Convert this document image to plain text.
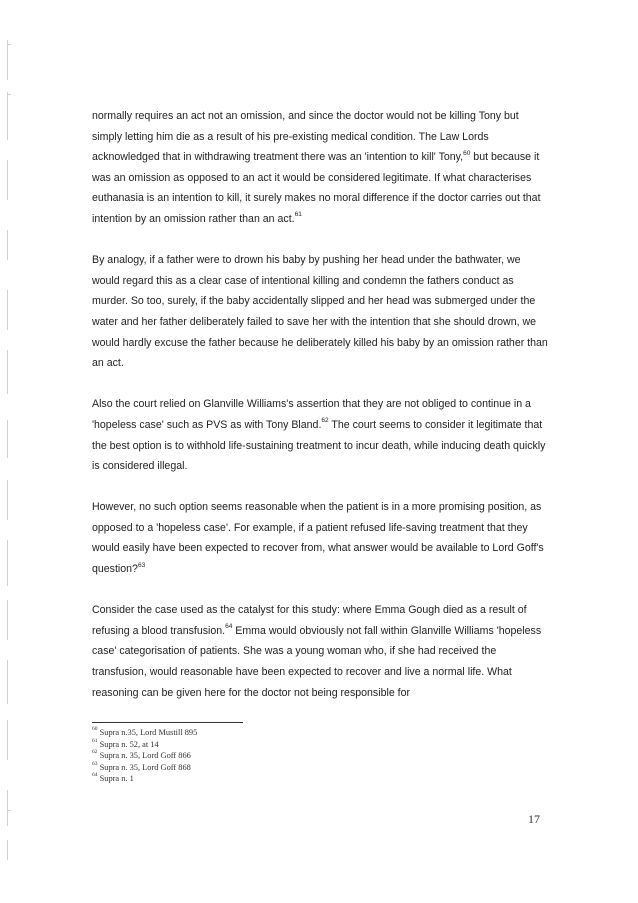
normally requires an act not an omission, and since the doctor would not be killing Tony but simply letting him die as a result of his pre-existing medical condition. The Law Lords acknowledged that in withdrawing treatment there was an 'intention to kill' Tony,$^{60}$ but because it was an omission as opposed to an act it would be considered legitimate. If what characterises euthanasia is an intention to kill, it surely makes no moral difference if the doctor carries out that intention by an omission rather than an act.$^{61}$

By analogy, if a father were to drown his baby by pushing her head under the bathwater, we would regard this as a clear case of intentional killing and condemn the fathers conduct as murder. So too, surely, if the baby accidentally slipped and her head was submerged under the water and her father deliberately failed to save her with the intention that she should drown, we would hardly excuse the father because he deliberately killed his baby by an omission rather than an act.

Also the court relied on Glanville Williams's assertion that they are not obliged to continue in a 'hopeless case' such as PVS as with Tony Bland.$^{62}$ The court seems to consider it legitimate that the best option is to withhold life-sustaining treatment to incur death, while inducing death quickly is considered illegal.

However, no such option seems reasonable when the patient is in a more promising position, as opposed to a 'hopeless case'. For example, if a patient refused life-saving treatment that they would easily have been expected to recover from, what answer would be available to Lord Goff's question?$^{63}$

Consider the case used as the catalyst for this study: where Emma Gough died as a result of refusing a blood transfusion.$^{64}$ Emma would obviously not fall within Glanville Williams 'hopeless case' categorisation of patients. She was a young woman who, if she had received the transfusion, would reasonable have been expected to recover and live a normal life. What reasoning can be given here for the doctor not being responsible for

$^{60}$ Supra n.35, Lord Mustill 895
$^{61}$ Supra n. 52, at 14
$^{62}$ Supra n. 35, Lord Goff 866
$^{63}$ Supra n. 35, Lord Goff 868
$^{64}$ Supra n. 1
17
